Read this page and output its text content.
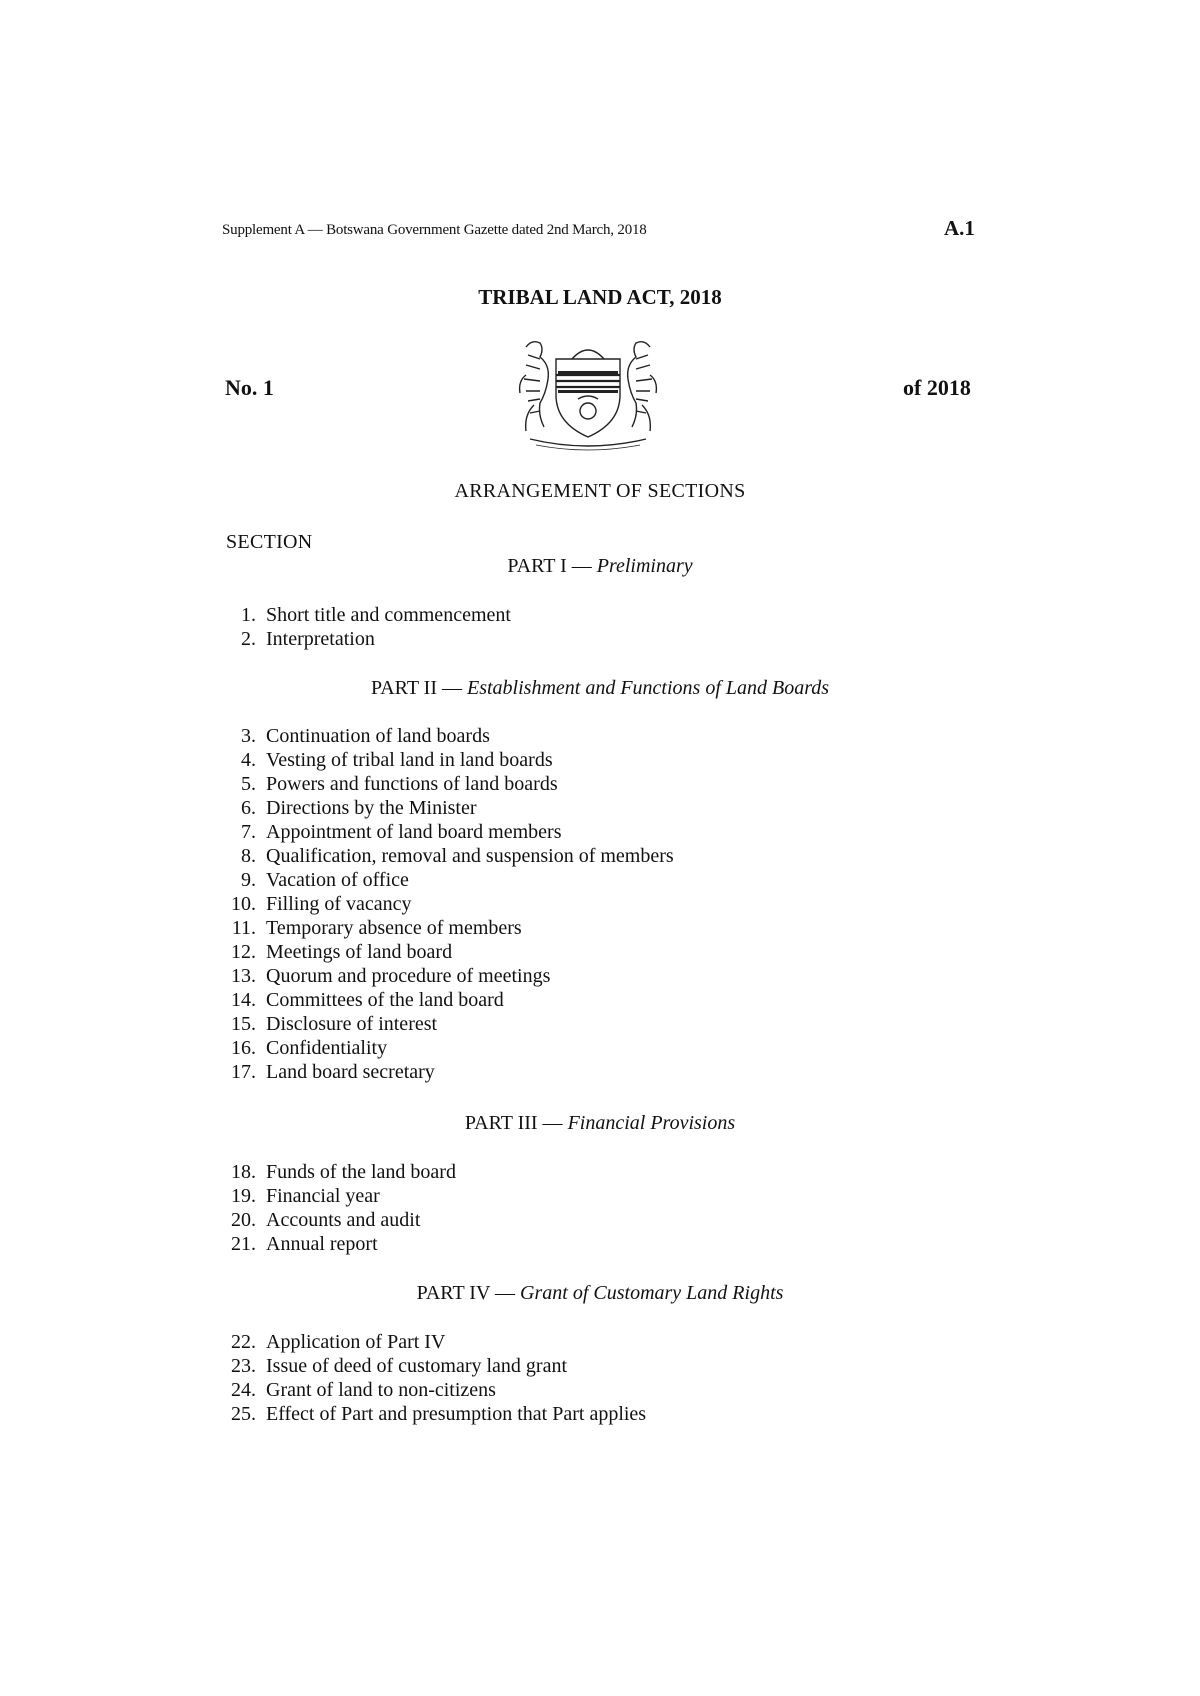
Supplement A — Botswana Government Gazette dated 2nd March, 2018	A.1
TRIBAL LAND ACT, 2018
No. 1	of 2018
ARRANGEMENT OF SECTIONS
SECTION
PART I — Preliminary
1. Short title and commencement
2. Interpretation
PART II — Establishment and Functions of Land Boards
3. Continuation of land boards
4. Vesting of tribal land in land boards
5. Powers and functions of land boards
6. Directions by the Minister
7. Appointment of land board members
8. Qualification, removal and suspension of members
9. Vacation of office
10. Filling of vacancy
11. Temporary absence of members
12. Meetings of land board
13. Quorum and procedure of meetings
14. Committees of the land board
15. Disclosure of interest
16. Confidentiality
17. Land board secretary
PART III — Financial Provisions
18. Funds of the land board
19. Financial year
20. Accounts and audit
21. Annual report
PART IV — Grant of Customary Land Rights
22. Application of Part IV
23. Issue of deed of customary land grant
24. Grant of land to non-citizens
25. Effect of Part and presumption that Part applies
